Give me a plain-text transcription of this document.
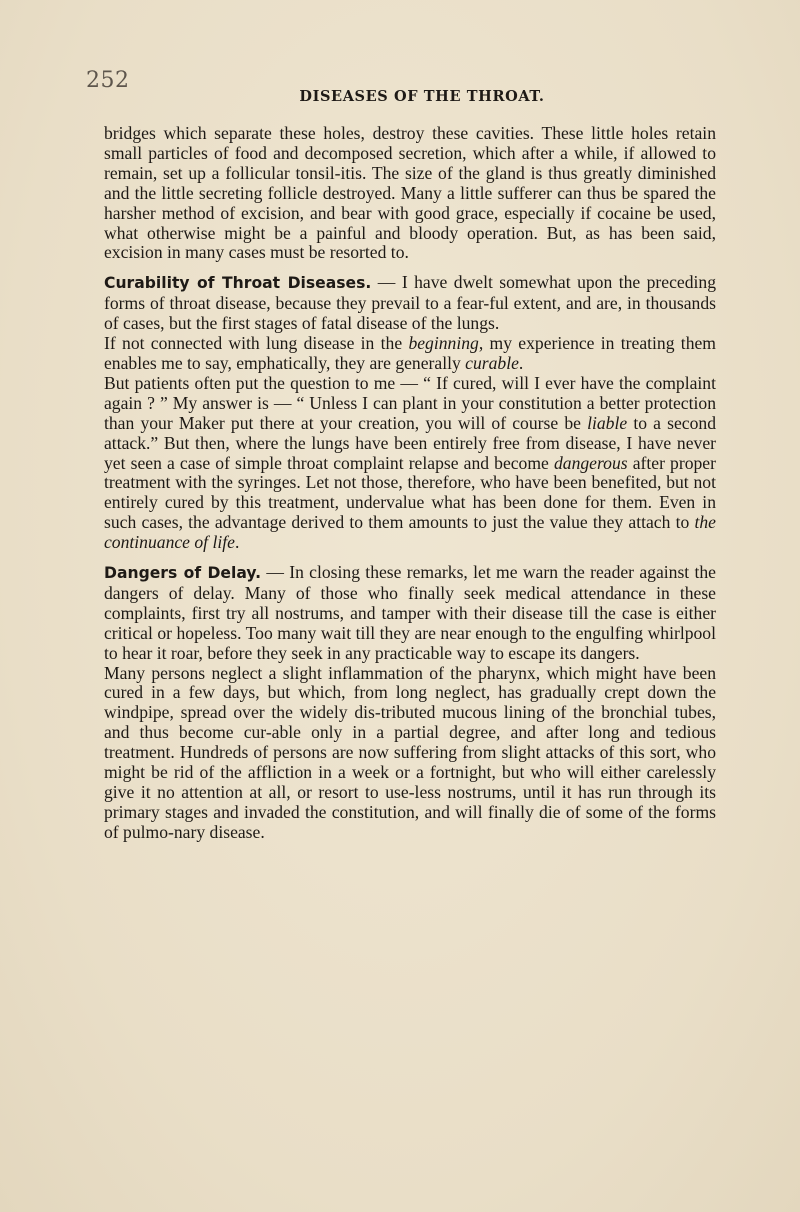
252
DISEASES OF THE THROAT.

bridges which separate these holes, destroy these cavities. These little holes retain small particles of food and decomposed secretion, which after a while, if allowed to remain, set up a follicular tonsil-itis. The size of the gland is thus greatly diminished and the little secreting follicle destroyed. Many a little sufferer can thus be spared the harsher method of excision, and bear with good grace, especially if cocaine be used, what otherwise might be a painful and bloody operation. But, as has been said, excision in many cases must be resorted to.

Curability of Throat Diseases. — I have dwelt somewhat upon the preceding forms of throat disease, because they prevail to a fear-ful extent, and are, in thousands of cases, but the first stages of fatal disease of the lungs.

If not connected with lung disease in the beginning, my experience in treating them enables me to say, emphatically, they are generally curable.

But patients often put the question to me — “ If cured, will I ever have the complaint again ? ” My answer is — “ Unless I can plant in your constitution a better protection than your Maker put there at your creation, you will of course be liable to a second attack.” But then, where the lungs have been entirely free from disease, I have never yet seen a case of simple throat complaint relapse and become dangerous after proper treatment with the syringes. Let not those, therefore, who have been benefited, but not entirely cured by this treatment, undervalue what has been done for them. Even in such cases, the advantage derived to them amounts to just the value they attach to the continuance of life.

Dangers of Delay. — In closing these remarks, let me warn the reader against the dangers of delay. Many of those who finally seek medical attendance in these complaints, first try all nostrums, and tamper with their disease till the case is either critical or hopeless. Too many wait till they are near enough to the engulfing whirlpool to hear it roar, before they seek in any practicable way to escape its dangers.

Many persons neglect a slight inflammation of the pharynx, which might have been cured in a few days, but which, from long neglect, has gradually crept down the windpipe, spread over the widely dis-tributed mucous lining of the bronchial tubes, and thus become cur-able only in a partial degree, and after long and tedious treatment. Hundreds of persons are now suffering from slight attacks of this sort, who might be rid of the affliction in a week or a fortnight, but who will either carelessly give it no attention at all, or resort to use-less nostrums, until it has run through its primary stages and invaded the constitution, and will finally die of some of the forms of pulmo-nary disease.
